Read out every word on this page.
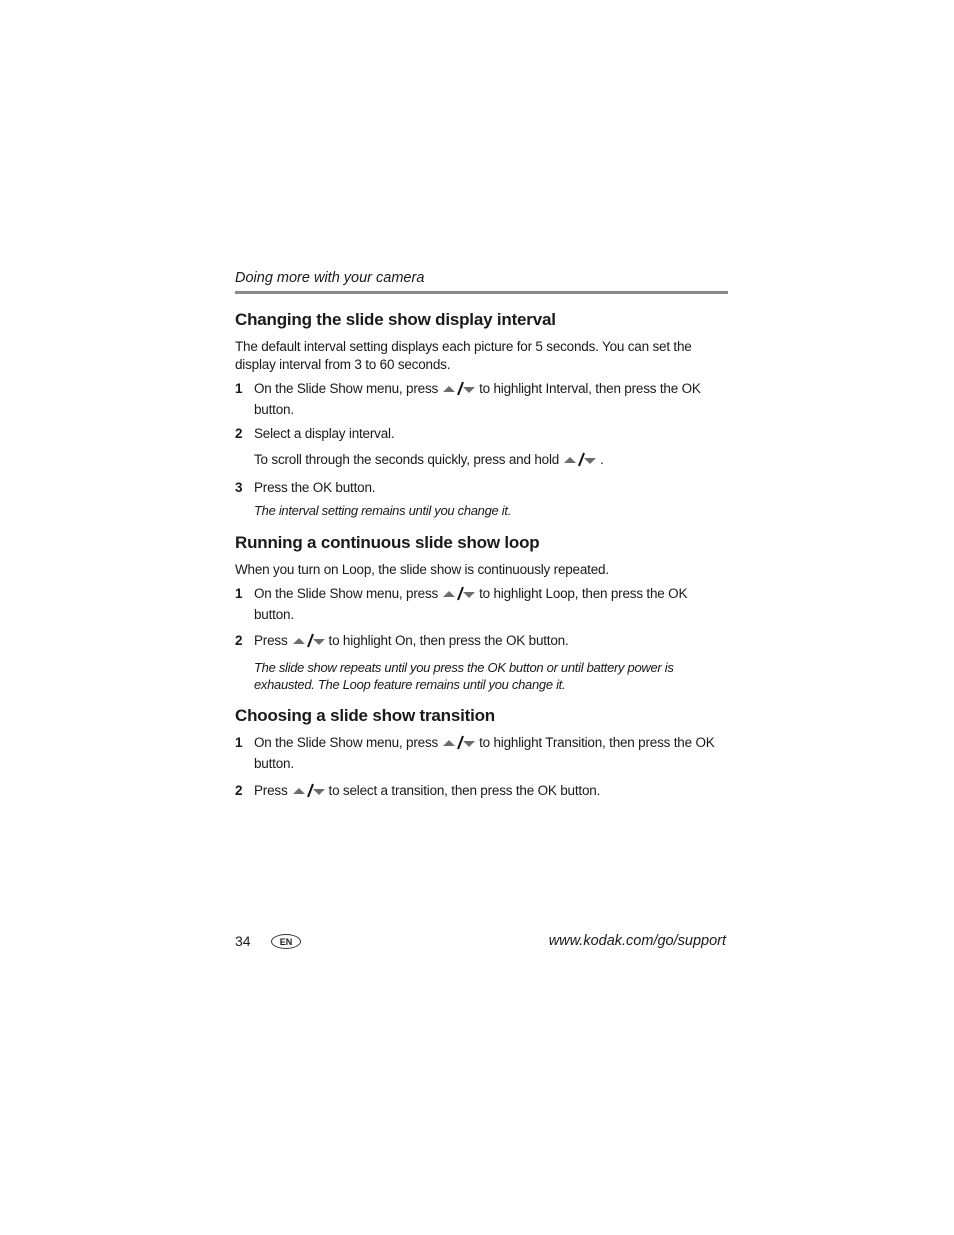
Doing more with your camera

Changing the slide show display interval

The default interval setting displays each picture for 5 seconds. You can set the display interval from 3 to 60 seconds.

1 On the Slide Show menu, press	to highlight Interval, then press the OK button.
2 Select a display interval.
To scroll through the seconds quickly, press and hold	.
3 Press the OK button.
The interval setting remains until you change it.
Running a continuous slide show loop

When you turn on Loop, the slide show is continuously repeated.

1 On the Slide Show menu, press	to highlight Loop, then press the OK button.
2 Press	to highlight On, then press the OK button.
The slide show repeats until you press the OK button or until battery power is exhausted. The Loop feature remains until you change it.
Choosing a slide show transition
1 On the Slide Show menu, press	to highlight Transition, then press the OK button.
2 Press	to select a transition, then press the OK button.
34	EN	www.kodak.com/go/support
